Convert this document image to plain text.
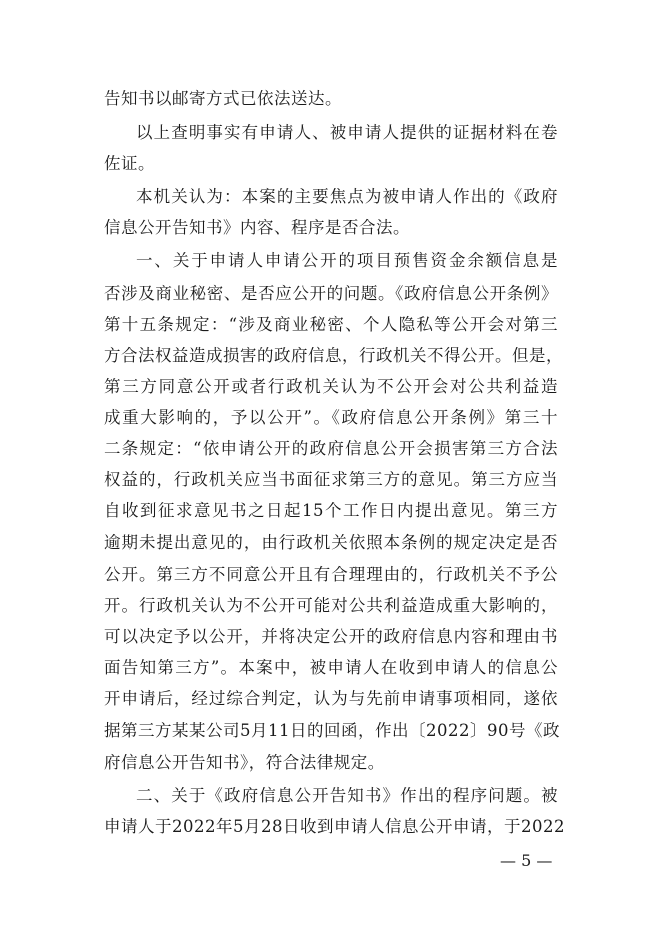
告知书以邮寄方式已依法送达。
以上查明事实有申请人、被申请人提供的证据材料在卷
佐证。
本机关认为：本案的主要焦点为被申请人作出的《政府
信息公开告知书》内容、程序是否合法。
一、关于申请人申请公开的项目预售资金余额信息是
否涉及商业秘密、是否应公开的问题。《政府信息公开条例》
第十五条规定：“涉及商业秘密、个人隐私等公开会对第三
方合法权益造成损害的政府信息，行政机关不得公开。但是，
第三方同意公开或者行政机关认为不公开会对公共利益造
成重大影响的，予以公开”。《政府信息公开条例》第三十
二条规定：“依申请公开的政府信息公开会损害第三方合法
权益的，行政机关应当书面征求第三方的意见。第三方应当
自收到征求意见书之日起15个工作日内提出意见。第三方
逾期未提出意见的，由行政机关依照本条例的规定决定是否
公开。第三方不同意公开且有合理理由的，行政机关不予公
开。行政机关认为不公开可能对公共利益造成重大影响的，
可以决定予以公开，并将决定公开的政府信息内容和理由书
面告知第三方”。本案中，被申请人在收到申请人的信息公
开申请后，经过综合判定，认为与先前申请事项相同，遂依
据第三方某某公司5月11日的回函，作出〔2022〕90号《政
府信息公开告知书》，符合法律规定。
二、关于《政府信息公开告知书》作出的程序问题。被
申请人于2022年5月28日收到申请人信息公开申请，于2022
— 5 —
